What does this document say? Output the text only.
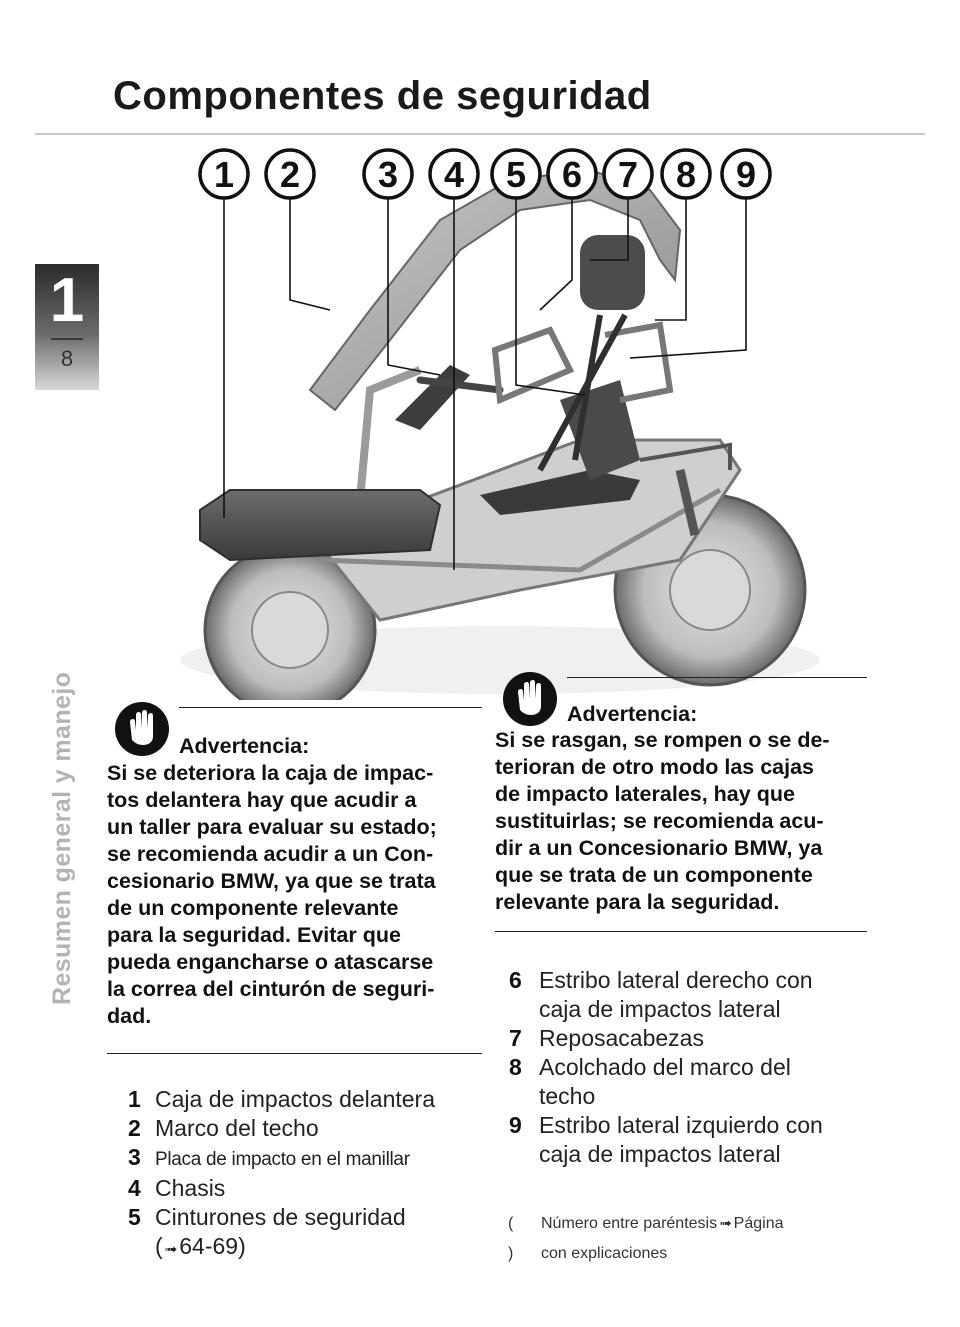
Componentes de seguridad
1
8
Resumen general y manejo
1 2 3 4 5 6 7 8 9
Advertencia:
Si se deteriora la caja de impac-
tos delantera hay que acudir a
un taller para evaluar su estado;
se recomienda acudir a un Con-
cesionario BMW, ya que se trata
de un componente relevante
para la seguridad. Evitar que
pueda engancharse o atascarse
la correa del cinturón de seguri-
dad.
Advertencia:
Si se rasgan, se rompen o se de-
terioran de otro modo las cajas
de impacto laterales, hay que
sustituirlas; se recomienda acu-
dir a un Concesionario BMW, ya
que se trata de un componente
relevante para la seguridad.
1 Caja de impactos delantera
2 Marco del techo
3 Placa de impacto en el manillar
4 Chasis
5 Cinturones de seguridad
( ➟64-69)
6 Estribo lateral derecho con
caja de impactos lateral
7 Reposacabezas
8 Acolchado del marco del
techo
9 Estribo lateral izquierdo con
caja de impactos lateral
( )
Número entre paréntesis ➟ Página
con explicaciones
